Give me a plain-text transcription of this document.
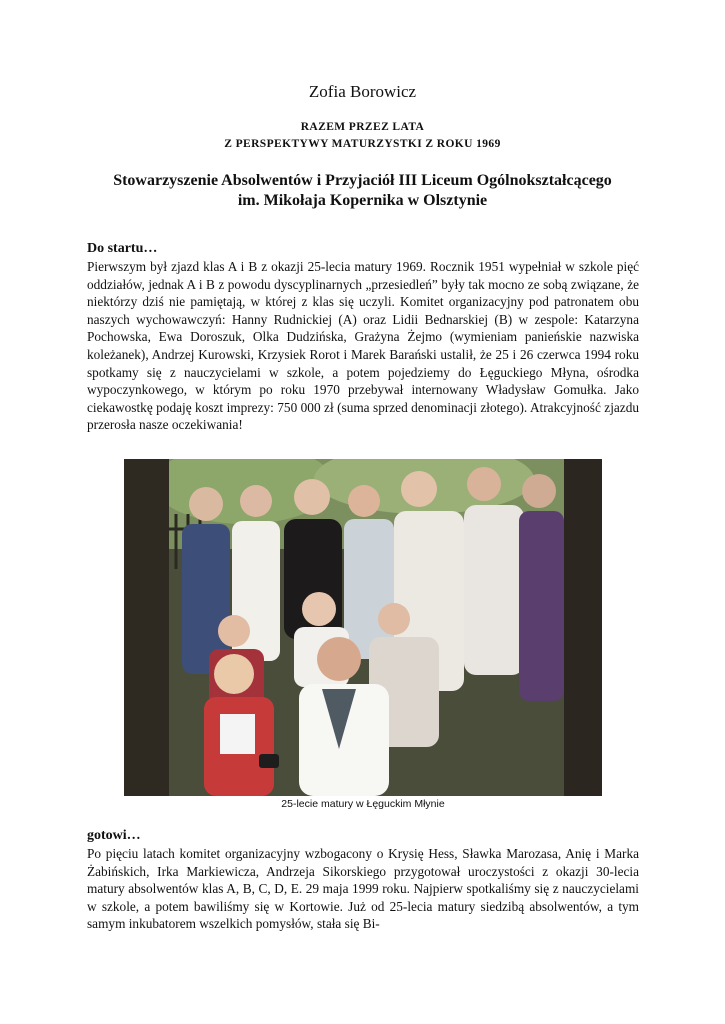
Zofia Borowicz
RAZEM PRZEZ LATA
Z PERSPEKTYWY MATURZYSTKI Z ROKU 1969
Stowarzyszenie Absolwentów i Przyjaciół III Liceum Ogólnokształcącego
im. Mikołaja Kopernika w Olsztynie
Do startu…

Pierwszym był zjazd klas A i B z okazji 25-lecia matury 1969. Rocznik 1951 wypełniał w szkole pięć oddziałów, jednak A i B z powodu dyscyplinarnych „przesiedleń” były tak mocno ze sobą związane, że niektórzy dziś nie pamiętają, w której z klas się uczyli. Komitet organizacyjny pod patronatem obu naszych wychowawczyń: Hanny Rudnickiej (A) oraz Lidii Bednarskiej (B) w zespole: Katarzyna Pochowska, Ewa Doroszuk, Olka Dudzińska, Grażyna Żejmo (wymieniam panieńskie nazwiska koleżanek), Andrzej Kurowski, Krzysiek Rorot i Marek Barański ustalił, że 25 i 26 czerwca 1994 roku spotkamy się z nauczycielami w szkole, a potem pojedziemy do Łęguckiego Młyna, ośrodka wypoczynkowego, w którym po roku 1970 przebywał internowany Władysław Gomułka. Jako ciekawostkę podaję koszt imprezy: 750 000 zł (suma sprzed denominacji złotego). Atrakcyjność zjazdu przerosła nasze oczekiwania!

25-lecie matury w Łęguckim Młynie
gotowi…

Po pięciu latach komitet organizacyjny wzbogacony o Krysię Hess, Sławka Marozasa, Anię i Marka Żabińskich, Irka Markiewicza, Andrzeja Sikorskiego przygotował uroczystości z okazji 30-lecia matury absolwentów klas A, B, C, D, E. 29 maja 1999 roku. Najpierw spotkaliśmy się z nauczycielami w szkole, a potem bawiliśmy się w Kortowie. Już od 25-lecia matury siedzibą absolwentów, a tym samym inkubatorem wszelkich pomysłów, stała się Bi-
